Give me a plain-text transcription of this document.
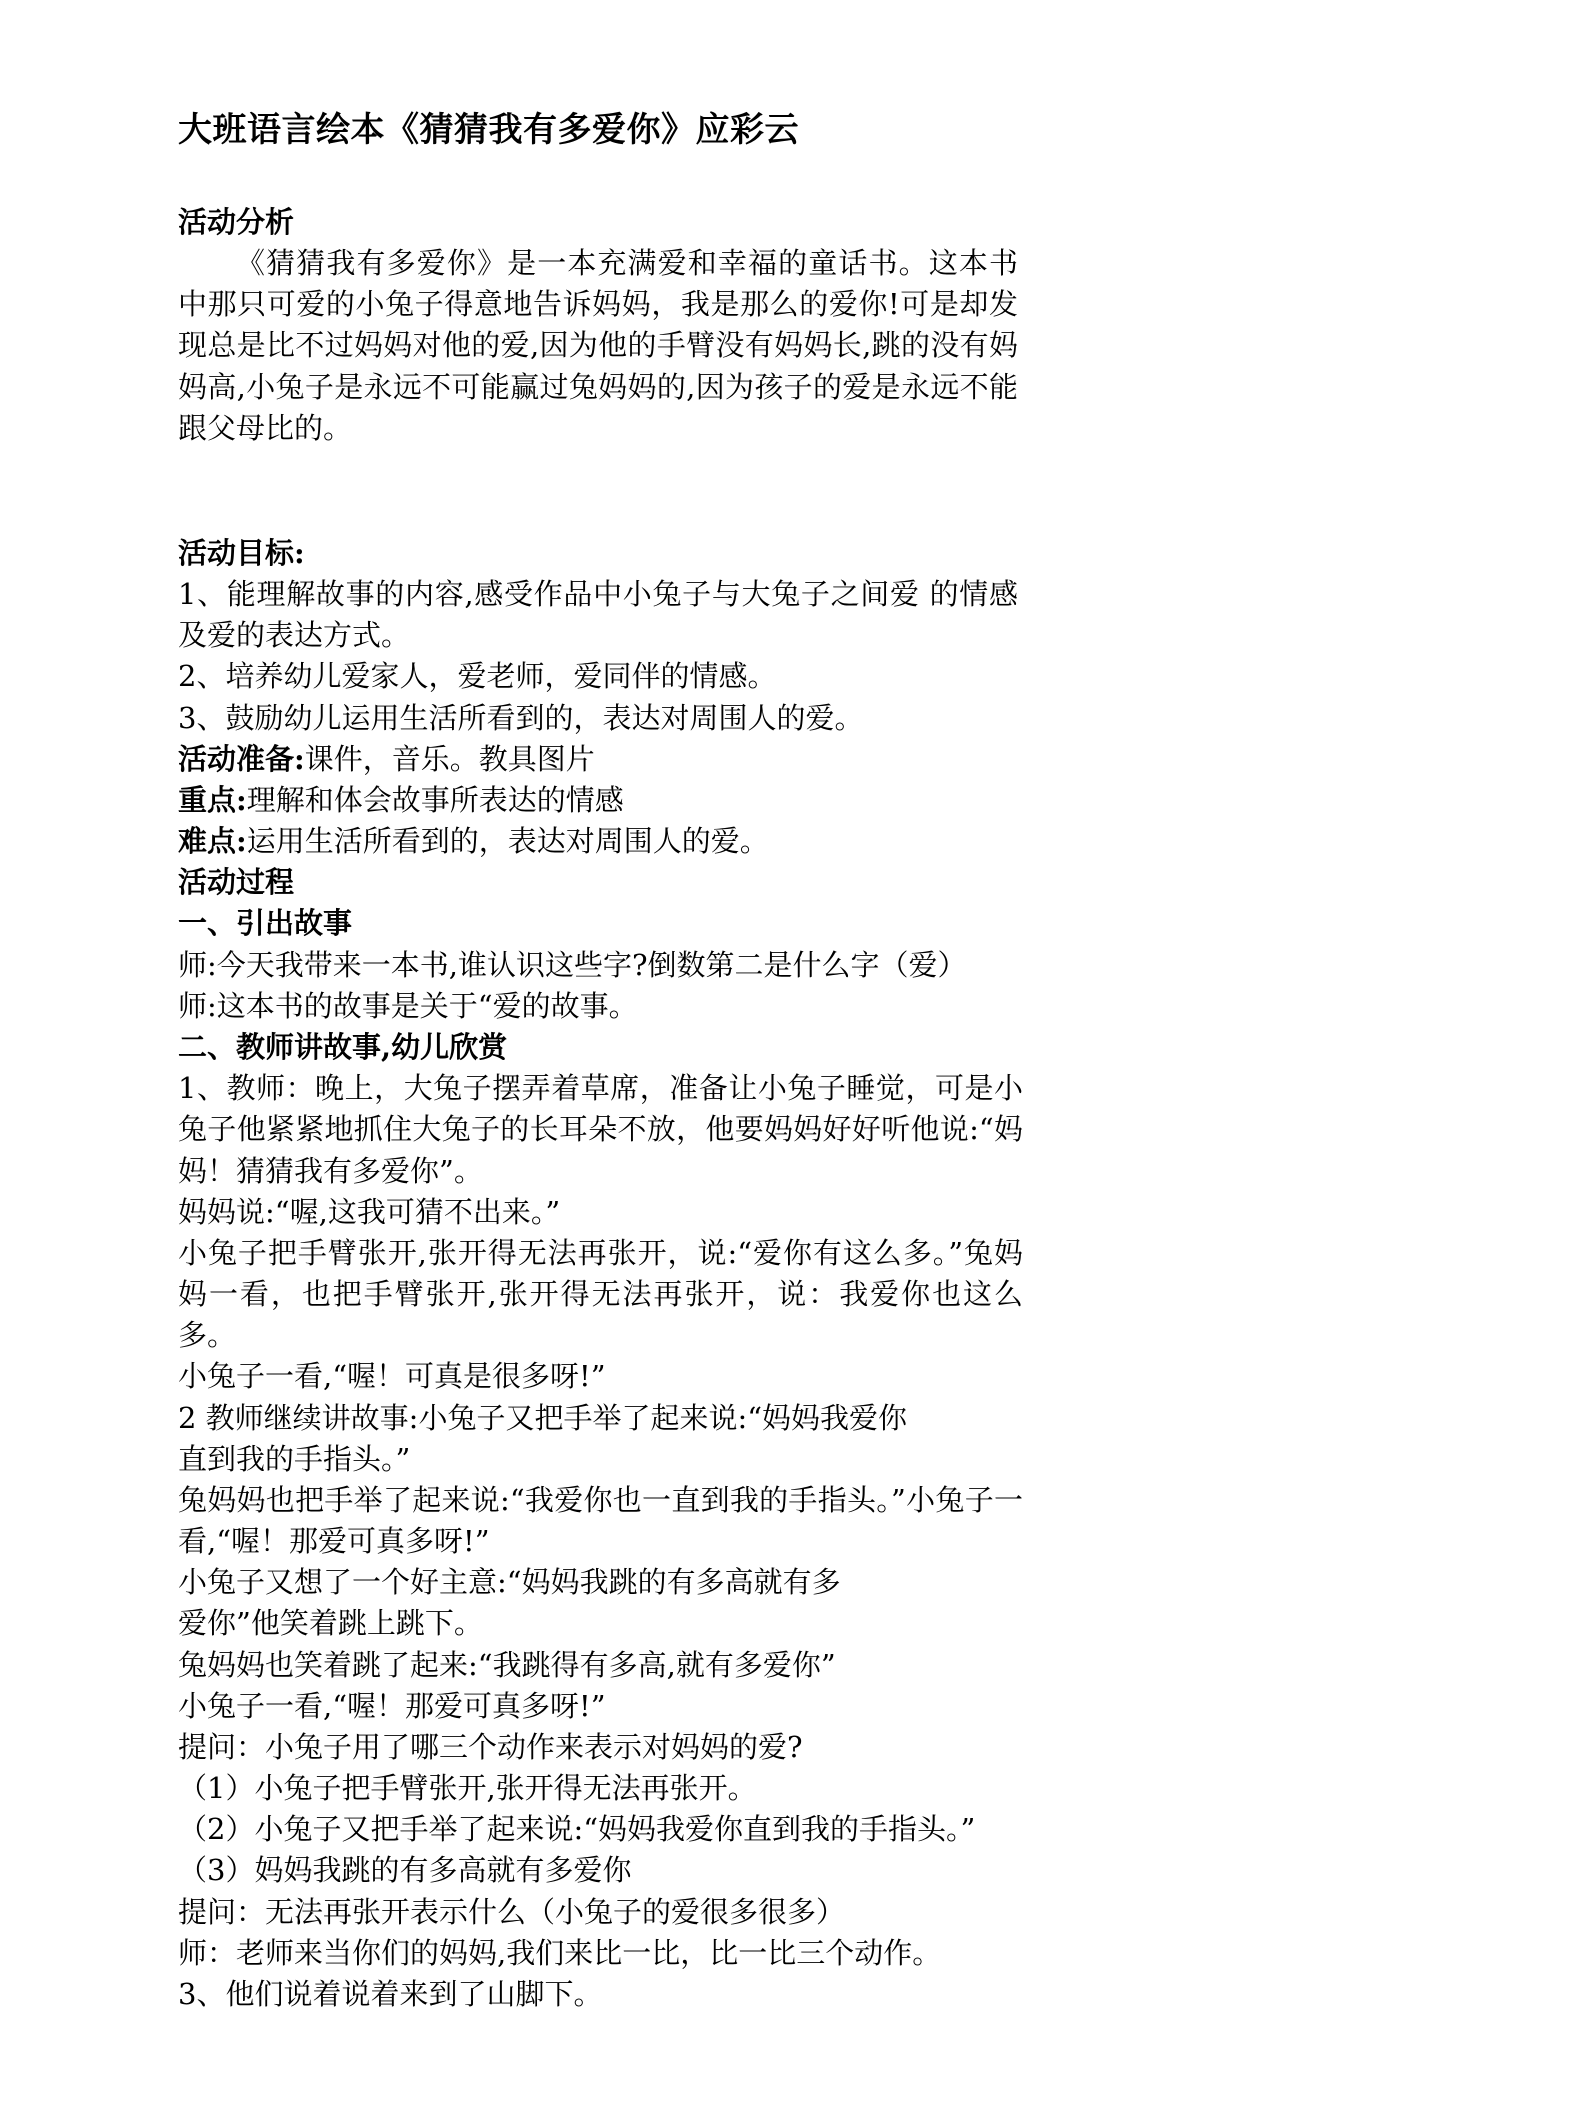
大班语言绘本《猜猜我有多爱你》应彩云
活动分析

《猜猜我有多爱你》是一本充满爱和幸福的童话书。这本书中那只可爱的小兔子得意地告诉妈妈，我是那么的爱你!可是却发现总是比不过妈妈对他的爱,因为他的手臂没有妈妈长,跳的没有妈妈高,小兔子是永远不可能赢过兔妈妈的,因为孩子的爱是永远不能跟父母比的。

活动目标:

1、能理解故事的内容,感受作品中小兔子与大兔子之间爱 的情感及爱的表达方式。

2、培养幼儿爱家人，爱老师，爱同伴的情感。

3、鼓励幼儿运用生活所看到的，表达对周围人的爱。

活动准备:课件，音乐。教具图片

重点:理解和体会故事所表达的情感

难点:运用生活所看到的，表达对周围人的爱。

活动过程
一、引出故事

师:今天我带来一本书,谁认识这些字?倒数第二是什么字（爱）

师:这本书的故事是关于“爱的故事。

二、教师讲故事,幼儿欣赏

1、教师：晚上，大兔子摆弄着草席，准备让小兔子睡觉，可是小兔子他紧紧地抓住大兔子的长耳朵不放，他要妈妈好好听他说:“妈妈！猜猜我有多爱你”。

妈妈说:“喔,这我可猜不出来。”

小兔子把手臂张开,张开得无法再张开，说:“爱你有这么多。”兔妈妈一看，也把手臂张开,张开得无法再张开，说：我爱你也这么多。

小兔子一看,“喔！可真是很多呀!”

2 教师继续讲故事:小兔子又把手举了起来说:“妈妈我爱你

直到我的手指头。”

兔妈妈也把手举了起来说:“我爱你也一直到我的手指头。”小兔子一看,“喔！那爱可真多呀!”

小兔子又想了一个好主意:“妈妈我跳的有多高就有多

爱你”他笑着跳上跳下。

兔妈妈也笑着跳了起来:“我跳得有多高,就有多爱你”

小兔子一看,“喔！那爱可真多呀!”

提问：小兔子用了哪三个动作来表示对妈妈的爱?

（1）小兔子把手臂张开,张开得无法再张开。

（2）小兔子又把手举了起来说:“妈妈我爱你直到我的手指头。”

（3）妈妈我跳的有多高就有多爱你

提问：无法再张开表示什么（小兔子的爱很多很多）

师：老师来当你们的妈妈,我们来比一比，比一比三个动作。

3、他们说着说着来到了山脚下。
